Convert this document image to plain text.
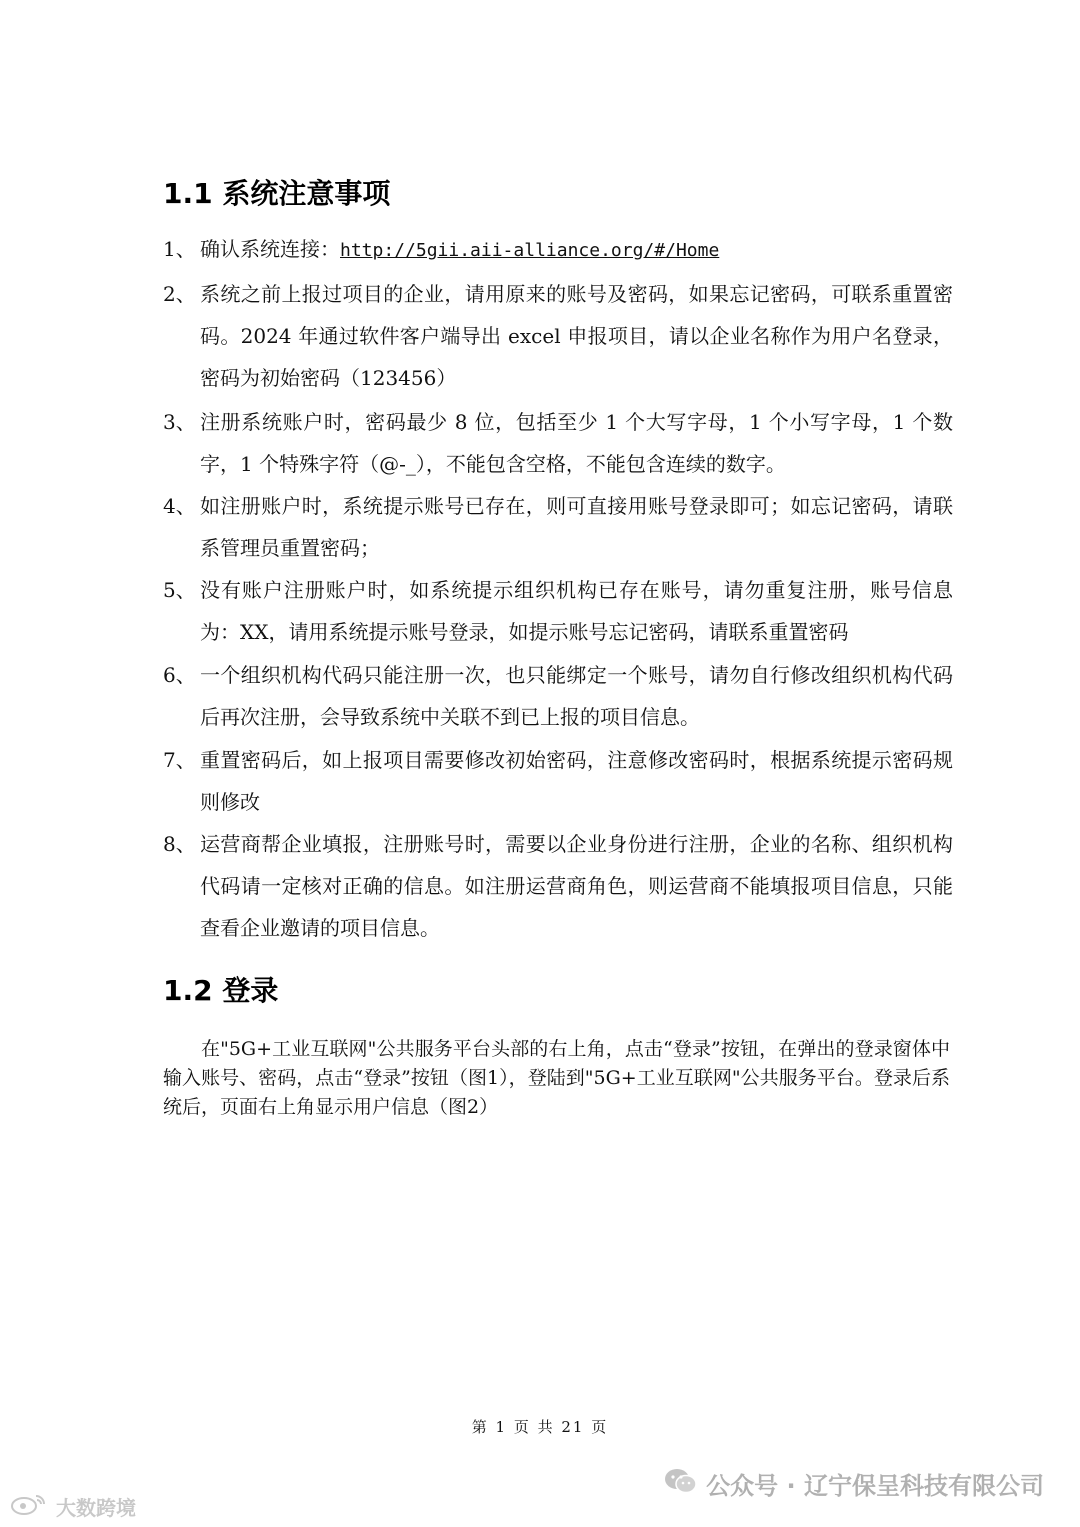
1.1 系统注意事项
1、 确认系统连接：http://5gii.aii-alliance.org/#/Home
2、 系统之前上报过项目的企业，请用原来的账号及密码，如果忘记密码，可联系重置密码。2024 年通过软件客户端导出 excel 申报项目，请以企业名称作为用户名登录，密码为初始密码（123456）
3、 注册系统账户时，密码最少 8 位，包括至少 1 个大写字母，1 个小写字母，1 个数字，1 个特殊字符（@-_），不能包含空格，不能包含连续的数字。
4、 如注册账户时，系统提示账号已存在，则可直接用账号登录即可；如忘记密码，请联系管理员重置密码；
5、 没有账户注册账户时，如系统提示组织机构已存在账号，请勿重复注册，账号信息为：XX，请用系统提示账号登录，如提示账号忘记密码，请联系重置密码
6、 一个组织机构代码只能注册一次，也只能绑定一个账号，请勿自行修改组织机构代码后再次注册，会导致系统中关联不到已上报的项目信息。
7、 重置密码后，如上报项目需要修改初始密码，注意修改密码时，根据系统提示密码规则修改
8、 运营商帮企业填报，注册账号时，需要以企业身份进行注册，企业的名称、组织机构代码请一定核对正确的信息。如注册运营商角色，则运营商不能填报项目信息，只能查看企业邀请的项目信息。
1.2 登录

在"5G+工业互联网"公共服务平台头部的右上角，点击“登录”按钮，在弹出的登录窗体中输入账号、密码，点击“登录”按钮（图1），登陆到"5G+工业互联网"公共服务平台。登录后系统后，页面右上角显示用户信息（图2）

第 1 页 共 21 页
公众号 · 辽宁保呈科技有限公司
大数跨境
